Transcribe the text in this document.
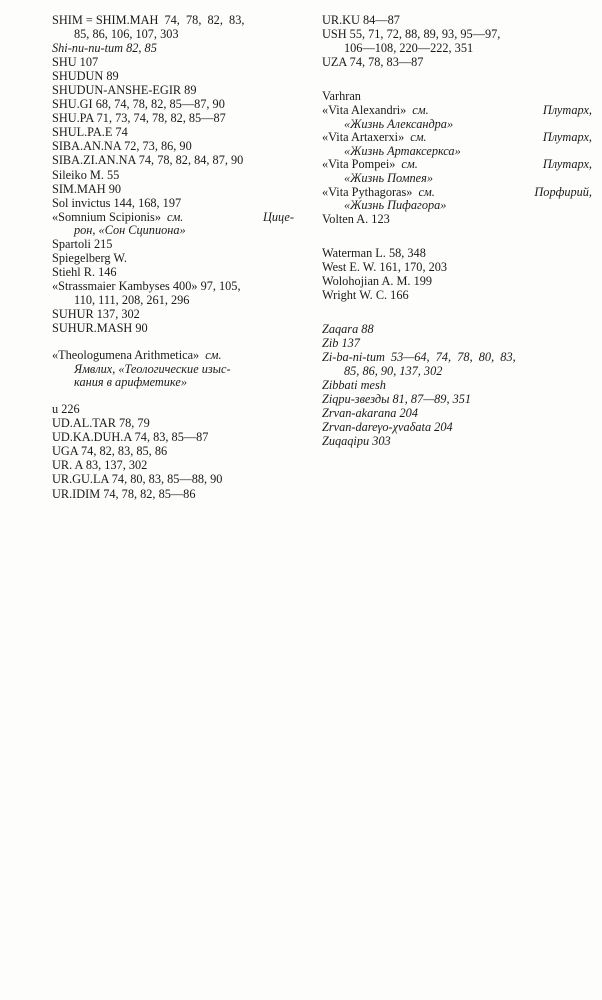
SHIM = SHIM.MAH  74,  78,  82,  83,
85, 86, 106, 107, 303
Shi-nu-nu-tum 82, 85
SHU 107
SHUDUN 89
SHUDUN-ANSHE-EGIR 89
SHU.GI 68, 74, 78, 82, 85—87, 90
SHU.PA 71, 73, 74, 78, 82, 85—87
SHUL.PA.E 74
SIBA.AN.NA 72, 73, 86, 90
SIBA.ZI.AN.NA 74, 78, 82, 84, 87, 90
Sileiko M. 55
SIM.MAH 90
Sol invictus 144, 168, 197
«Somnium Scipionis» см.	Цице-
рон, «Сон Сципиона»
Spartoli 215
Spiegelberg W.
Stiehl R. 146
«Strassmaier Kambyses 400» 97, 105,
110, 111, 208, 261, 296
SUHUR 137, 302
SUHUR.MASH 90
«Theologumena Arithmetica» см.
Ямвлих, «Теологические изыс-
кания в арифметике»
u 226
UD.AL.TAR 78, 79
UD.KA.DUH.A 74, 83, 85—87
UGA 74, 82, 83, 85, 86
UR. A 83, 137, 302
UR.GU.LA 74, 80, 83, 85—88, 90
UR.IDIM 74, 78, 82, 85—86
UR.KU 84—87
USH 55, 71, 72, 88, 89, 93, 95—97,
106—108, 220—222, 351
UZA 74, 78, 83—87
Varhran
«Vita Alexandri» см.	Плутарх,
«Жизнь Александра»
«Vita Artaxerxi» см.	Плутарх,
«Жизнь Артаксеркса»
«Vita Pompei» см.	Плутарх,
«Жизнь Помпея»
«Vita Pythagoras» см.	Порфирий,
«Жизнь Пифагора»
Volten A. 123
Waterman L. 58, 348
West E. W. 161, 170, 203
Wolohojian A. M. 199
Wright W. C. 166
Zaqara 88
Zib 137
Zi-ba-ni-tum  53—64,  74,  78,  80,  83,
85, 86, 90, 137, 302
Zibbati mesh
Ziqpu-звезды 81, 87—89, 351
Zrvan-akarana 204
Zrvan-dareγo-χvaδata 204
Zuqaqipu 303
